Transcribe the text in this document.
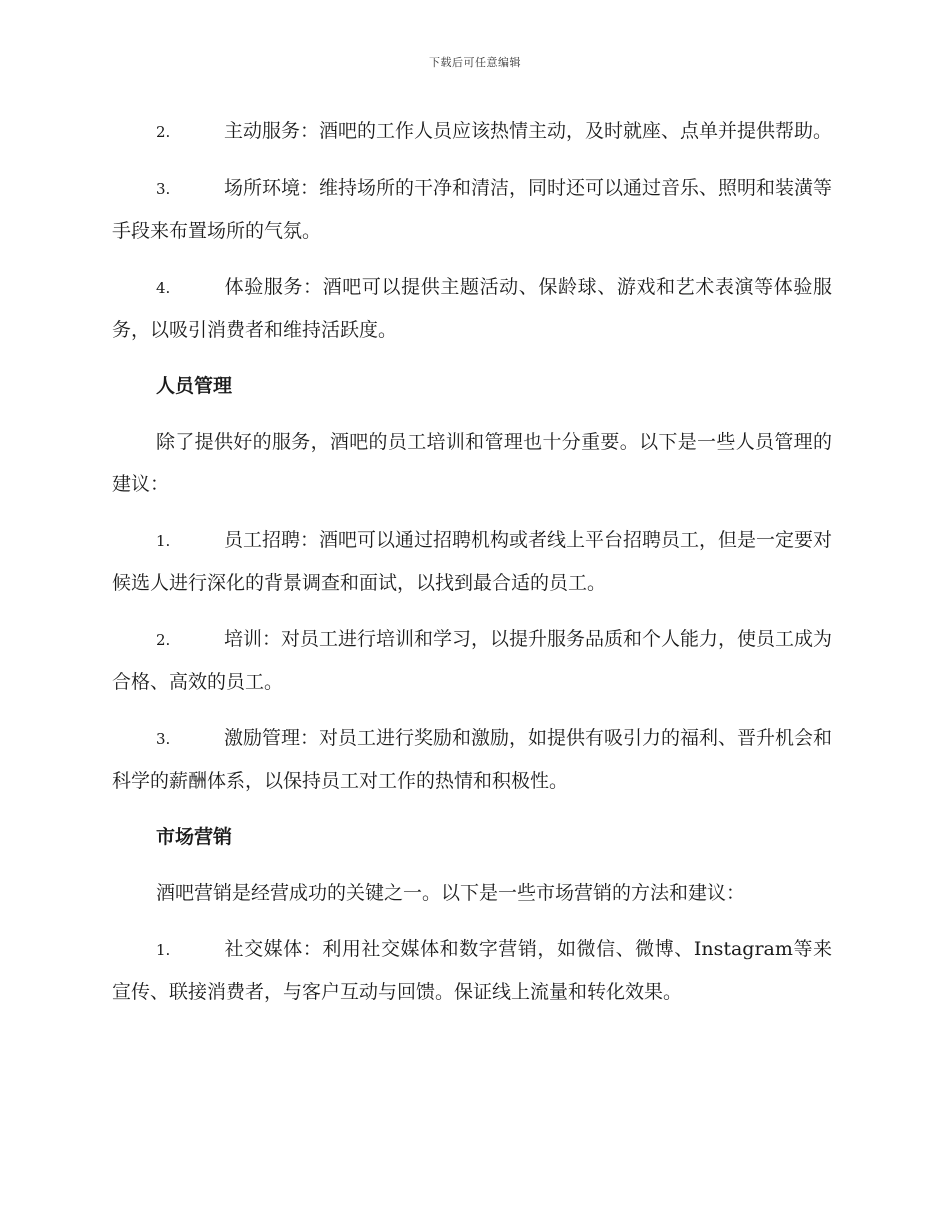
下载后可任意编辑

2.	主动服务：酒吧的工作人员应该热情主动，及时就座、点单并提供帮助。

3.	场所环境：维持场所的干净和清洁，同时还可以通过音乐、照明和装潢等手段来布置场所的气氛。

4.	体验服务：酒吧可以提供主题活动、保龄球、游戏和艺术表演等体验服务，以吸引消费者和维持活跃度。

人员管理

除了提供好的服务，酒吧的员工培训和管理也十分重要。以下是一些人员管理的建议：

1.	员工招聘：酒吧可以通过招聘机构或者线上平台招聘员工，但是一定要对候选人进行深化的背景调查和面试，以找到最合适的员工。

2.	培训：对员工进行培训和学习，以提升服务品质和个人能力，使员工成为合格、高效的员工。

3.	激励管理：对员工进行奖励和激励，如提供有吸引力的福利、晋升机会和科学的薪酬体系，以保持员工对工作的热情和积极性。

市场营销

酒吧营销是经营成功的关键之一。以下是一些市场营销的方法和建议：

1.	社交媒体：利用社交媒体和数字营销，如微信、微博、Instagram等来宣传、联接消费者，与客户互动与回馈。保证线上流量和转化效果。
